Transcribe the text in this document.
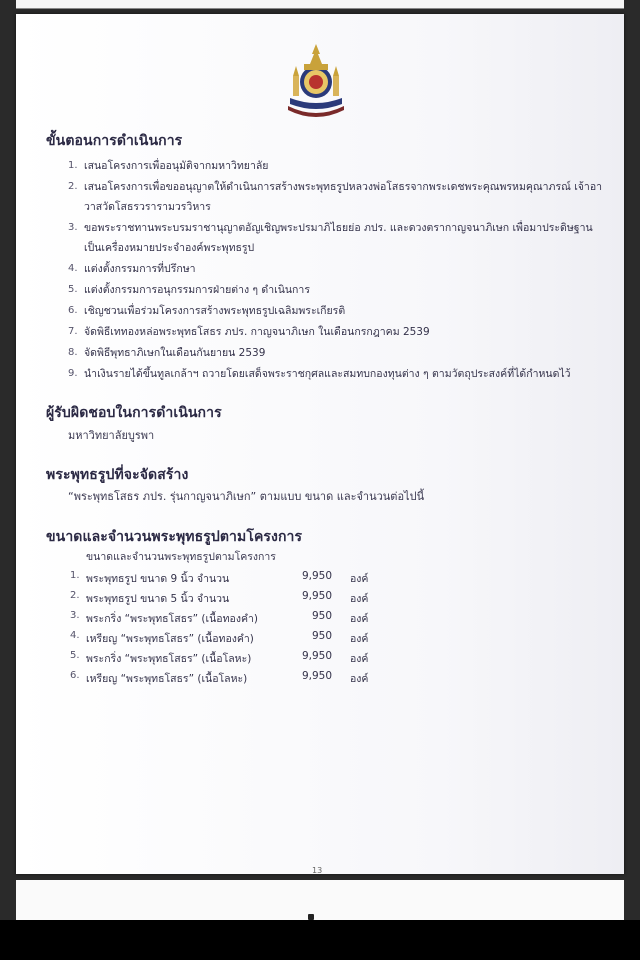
ขั้นตอนการดำเนินการ
1. เสนอโครงการเพื่ออนุมัติจากมหาวิทยาลัย
2. เสนอโครงการเพื่อขออนุญาตให้ดำเนินการสร้างพระพุทธรูปหลวงพ่อโสธรจากพระเดชพระคุณพรหมคุณาภรณ์ เจ้าอาวาสวัดโสธรวรารามวรวิหาร
3. ขอพระราชทานพระบรมราชานุญาตอัญเชิญพระปรมาภิไธยย่อ ภปร. และดวงตรากาญจนาภิเษก เพื่อมาประดิษฐานเป็นเครื่องหมายประจำองค์พระพุทธรูป
4. แต่งตั้งกรรมการที่ปรึกษา
5. แต่งตั้งกรรมการอนุกรรมการฝ่ายต่าง ๆ ดำเนินการ
6. เชิญชวนเพื่อร่วมโครงการสร้างพระพุทธรูปเฉลิมพระเกียรติ
7. จัดพิธีเททองหล่อพระพุทธโสธร ภปร. กาญจนาภิเษก ในเดือนกรกฎาคม 2539
8. จัดพิธีพุทธาภิเษกในเดือนกันยายน 2539
9. นำเงินรายได้ขึ้นทูลเกล้าฯ ถวายโดยเสด็จพระราชกุศลและสมทบกองทุนต่าง ๆ ตามวัตถุประสงค์ที่ได้กำหนดไว้
ผู้รับผิดชอบในการดำเนินการ
มหาวิทยาลัยบูรพา
พระพุทธรูปที่จะจัดสร้าง
“พระพุทธโสธร ภปร. รุ่นกาญจนาภิเษก” ตามแบบ ขนาด และจำนวนต่อไปนี้
ขนาดและจำนวนพระพุทธรูปตามโครงการ
ขนาดและจำนวนพระพุทธรูปตามโครงการ
1. พระพุทธรูป ขนาด 9 นิ้ว จำนวน	9,950 องค์
2. พระพุทธรูป ขนาด 5 นิ้ว จำนวน	9,950 องค์
3. พระกริ่ง “พระพุทธโสธร” (เนื้อทองคำ)	950 องค์
4. เหรียญ “พระพุทธโสธร” (เนื้อทองคำ)	950 องค์
5. พระกริ่ง “พระพุทธโสธร” (เนื้อโลหะ)	9,950 องค์
6. เหรียญ “พระพุทธโสธร” (เนื้อโลหะ)	9,950 องค์
13
